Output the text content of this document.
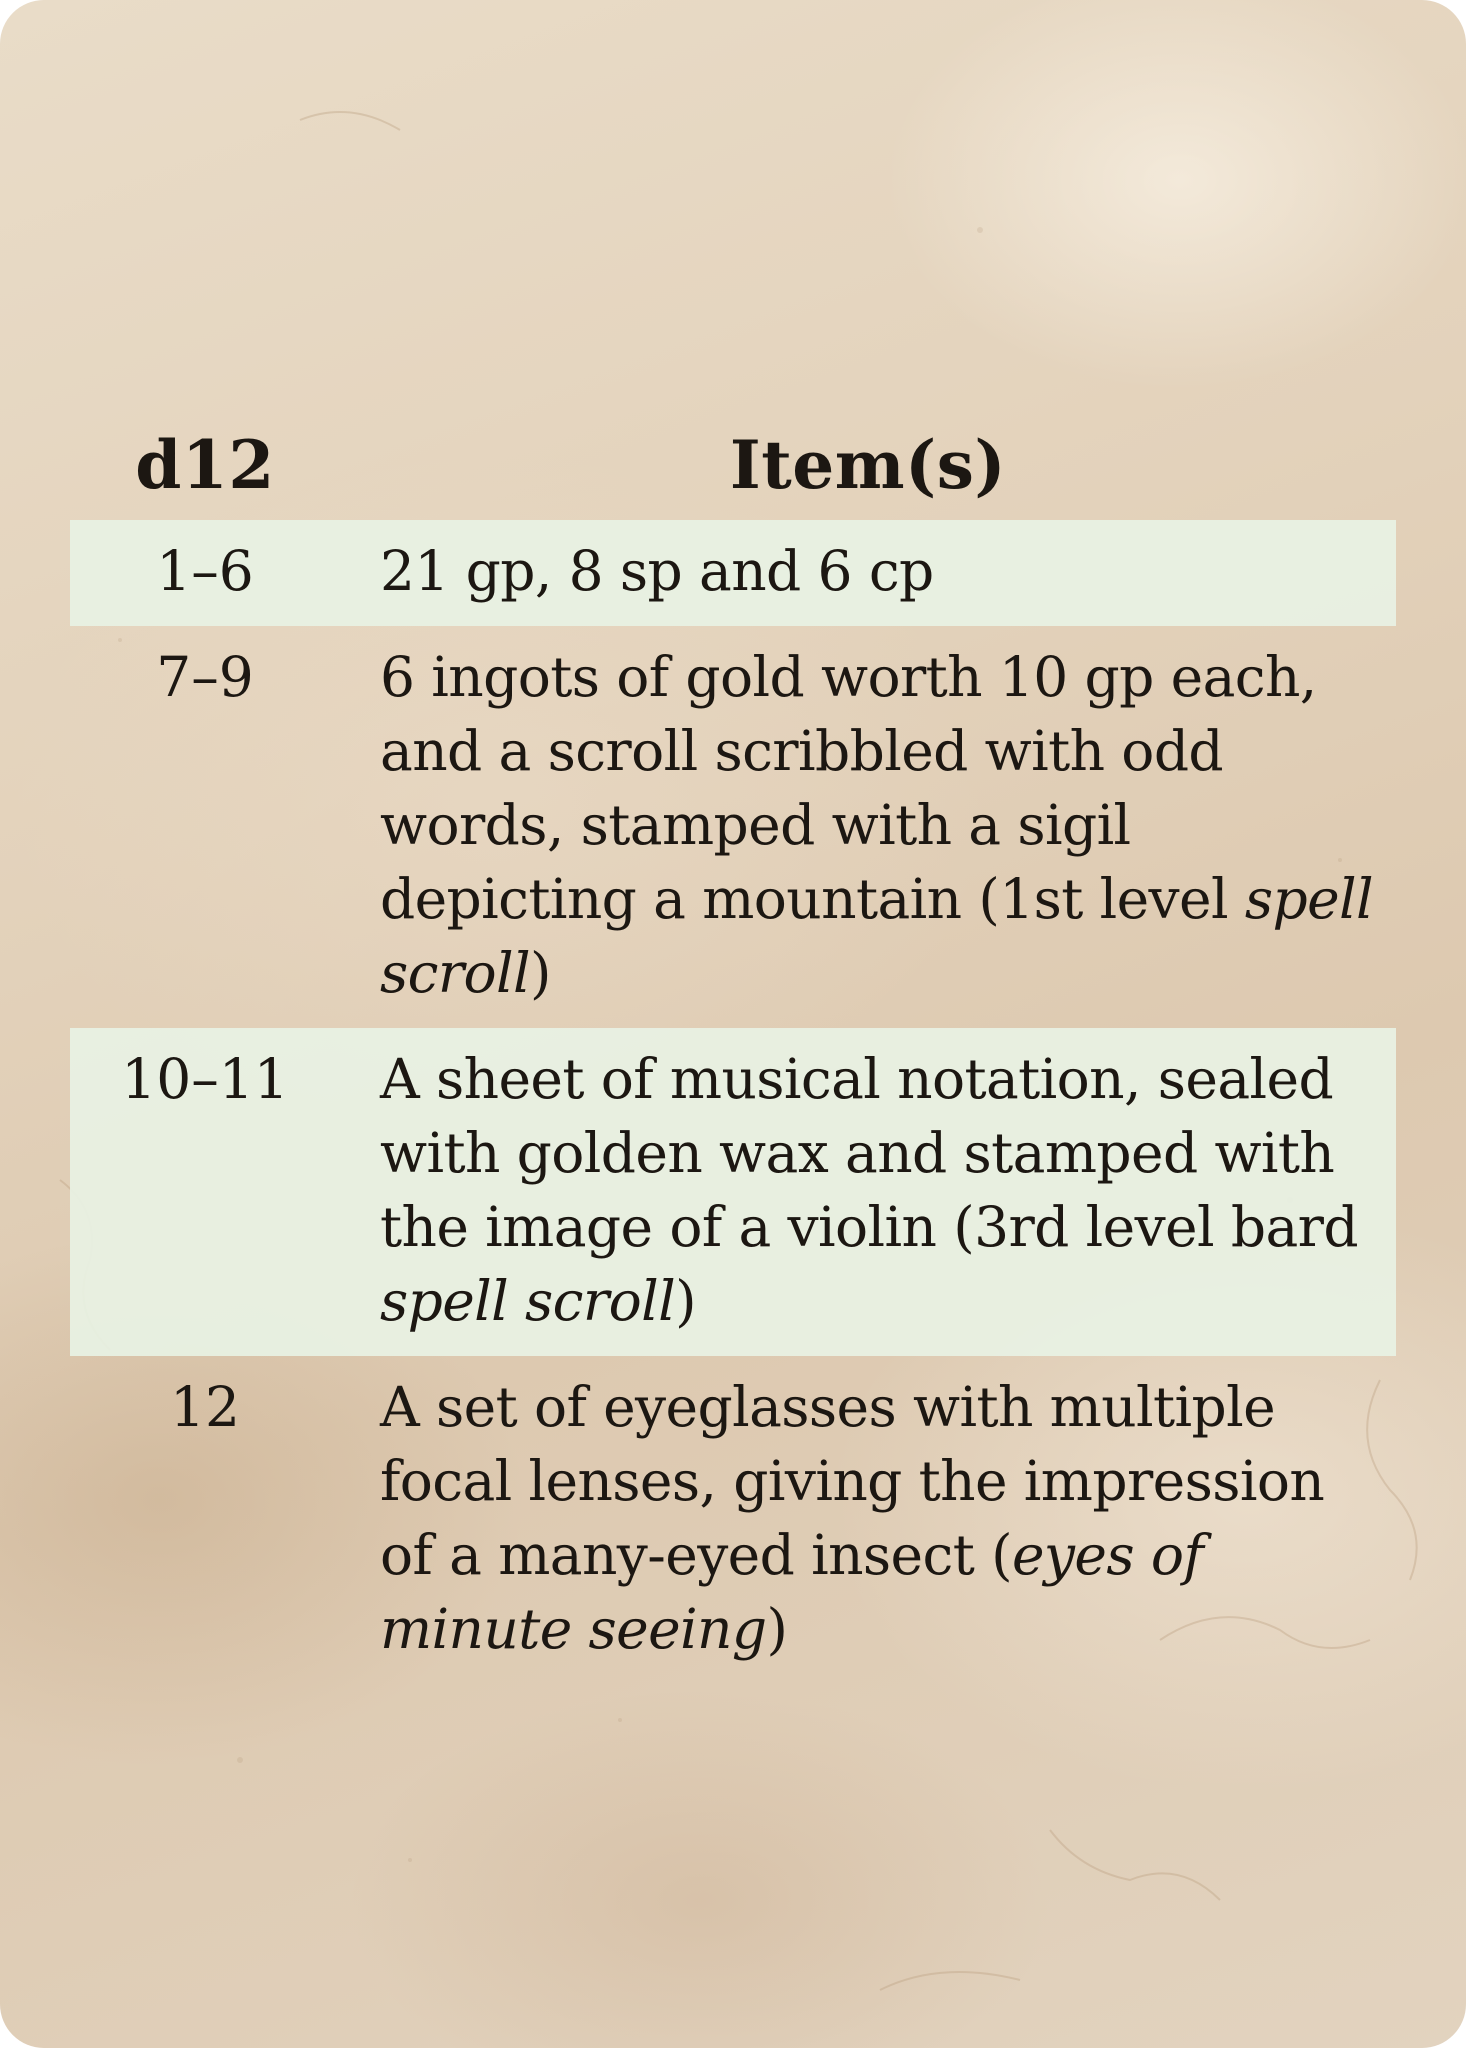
d12	Item(s)
1–6	21 gp, 8 sp and 6 cp
7–9	6 ingots of gold worth 10 gp each, and a scroll scribbled with odd words, stamped with a sigil depicting a mountain (1st level spell scroll)
10–11	A sheet of musical notation, sealed with golden wax and stamped with the image of a violin (3rd level bard spell scroll)
12	A set of eyeglasses with multiple focal lenses, giving the impression of a many-eyed insect (eyes of minute seeing)
